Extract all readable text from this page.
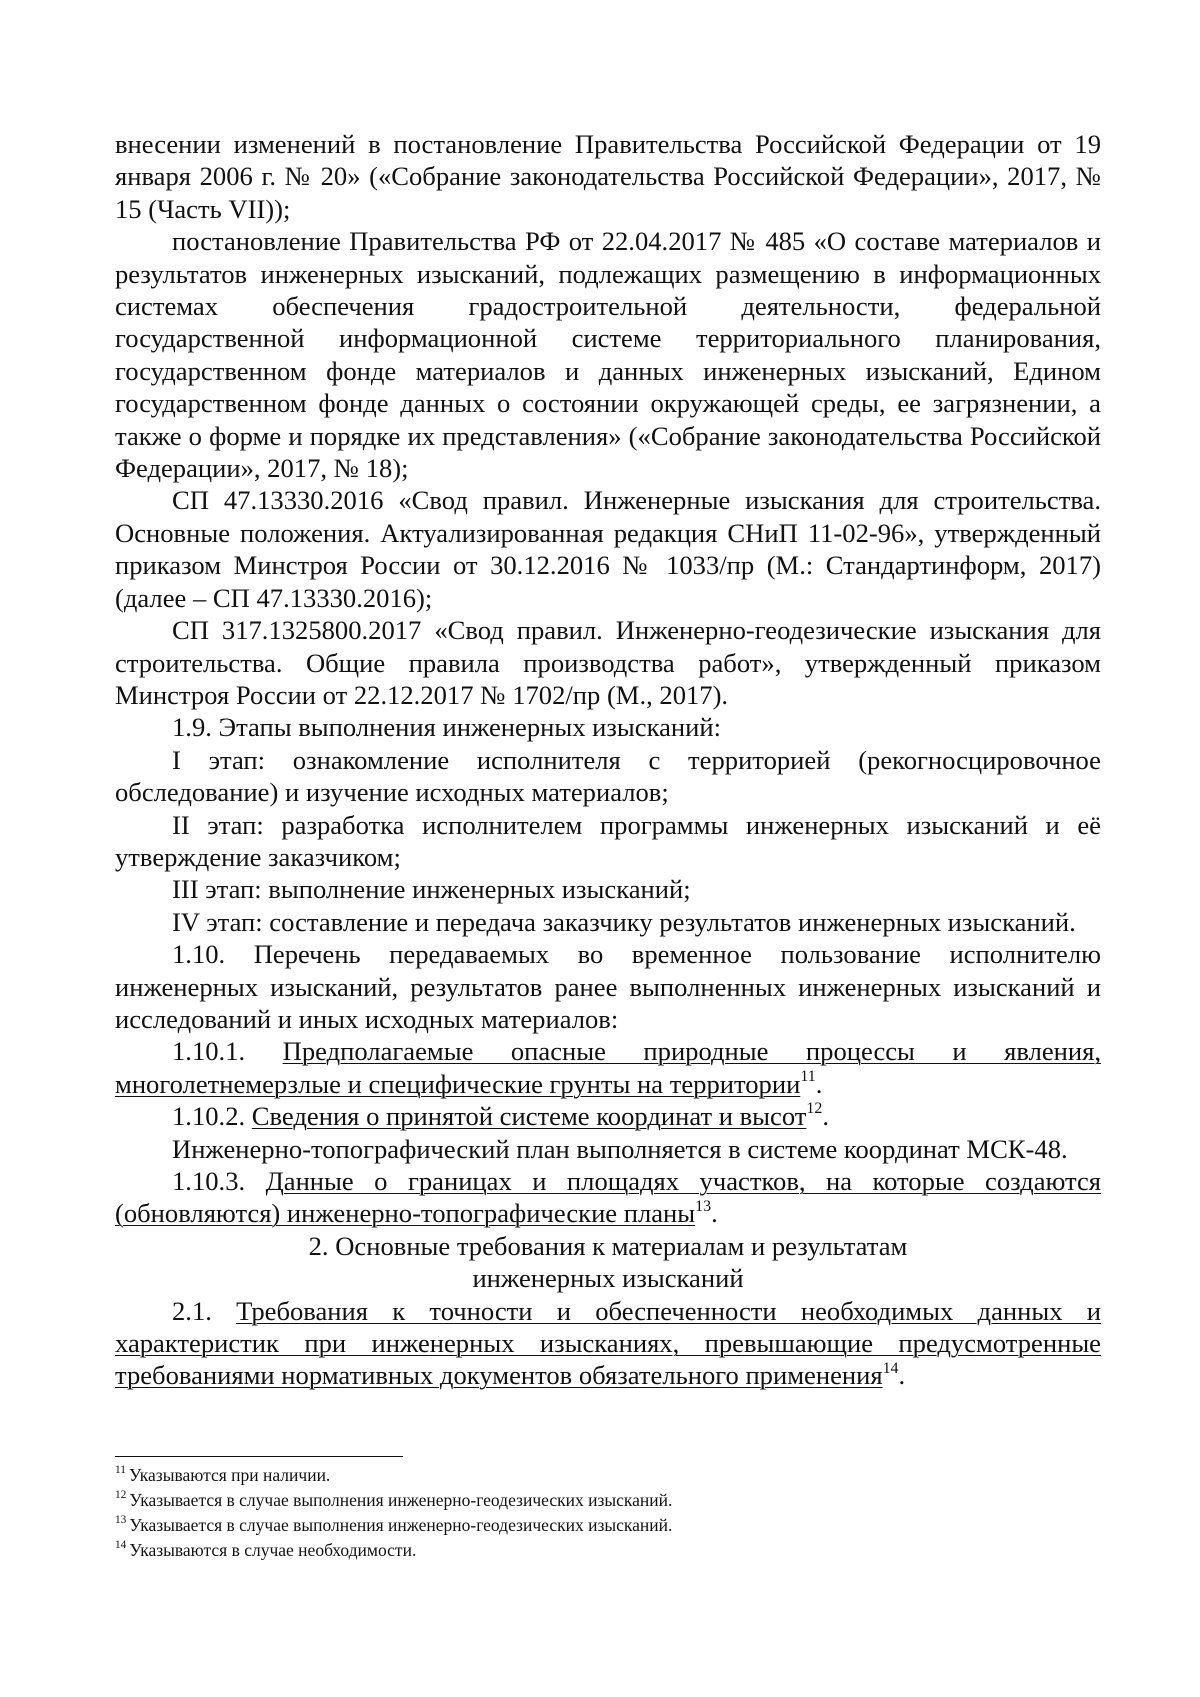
внесении изменений в постановление Правительства Российской Федерации от 19 января 2006 г. № 20» («Собрание законодательства Российской Федерации», 2017, № 15 (Часть VII));

постановление Правительства РФ от 22.04.2017 № 485 «О составе материалов и результатов инженерных изысканий, подлежащих размещению в информационных системах обеспечения градостроительной деятельности, федеральной государственной информационной системе территориального планирования, государственном фонде материалов и данных инженерных изысканий, Едином государственном фонде данных о состоянии окружающей среды, ее загрязнении, а также о форме и порядке их представления» («Собрание законодательства Российской Федерации», 2017, № 18);

СП 47.13330.2016 «Свод правил. Инженерные изыскания для строительства. Основные положения. Актуализированная редакция СНиП 11-02-96», утвержденный приказом Минстроя России от 30.12.2016 № 1033/пр (М.: Стандартинформ, 2017) (далее – СП 47.13330.2016);

СП 317.1325800.2017 «Свод правил. Инженерно-геодезические изыскания для строительства. Общие правила производства работ», утвержденный приказом Минстроя России от 22.12.2017 № 1702/пр (М., 2017).

1.9. Этапы выполнения инженерных изысканий:

I этап: ознакомление исполнителя с территорией (рекогносцировочное обследование) и изучение исходных материалов;

II этап: разработка исполнителем программы инженерных изысканий и её утверждение заказчиком;

III этап: выполнение инженерных изысканий;

IV этап: составление и передача заказчику результатов инженерных изысканий.

1.10. Перечень передаваемых во временное пользование исполнителю инженерных изысканий, результатов ранее выполненных инженерных изысканий и исследований и иных исходных материалов:

1.10.1. Предполагаемые опасные природные процессы и явления, многолетнемерзлые и специфические грунты на территории$^{11}$.

1.10.2. Сведения о принятой системе координат и высот$^{12}$.

Инженерно-топографический план выполняется в системе координат МСК-48.

1.10.3. Данные о границах и площадях участков, на которые создаются (обновляются) инженерно-топографические планы$^{13}$.

2. Основные требования к материалам и результатам

инженерных изысканий

2.1. Требования к точности и обеспеченности необходимых данных и характеристик при инженерных изысканиях, превышающие предусмотренные требованиями нормативных документов обязательного применения$^{14}$.

$^{11}$ Указываются при наличии.

$^{12}$ Указывается в случае выполнения инженерно-геодезических изысканий.

$^{13}$ Указывается в случае выполнения инженерно-геодезических изысканий.

$^{14}$ Указываются в случае необходимости.
